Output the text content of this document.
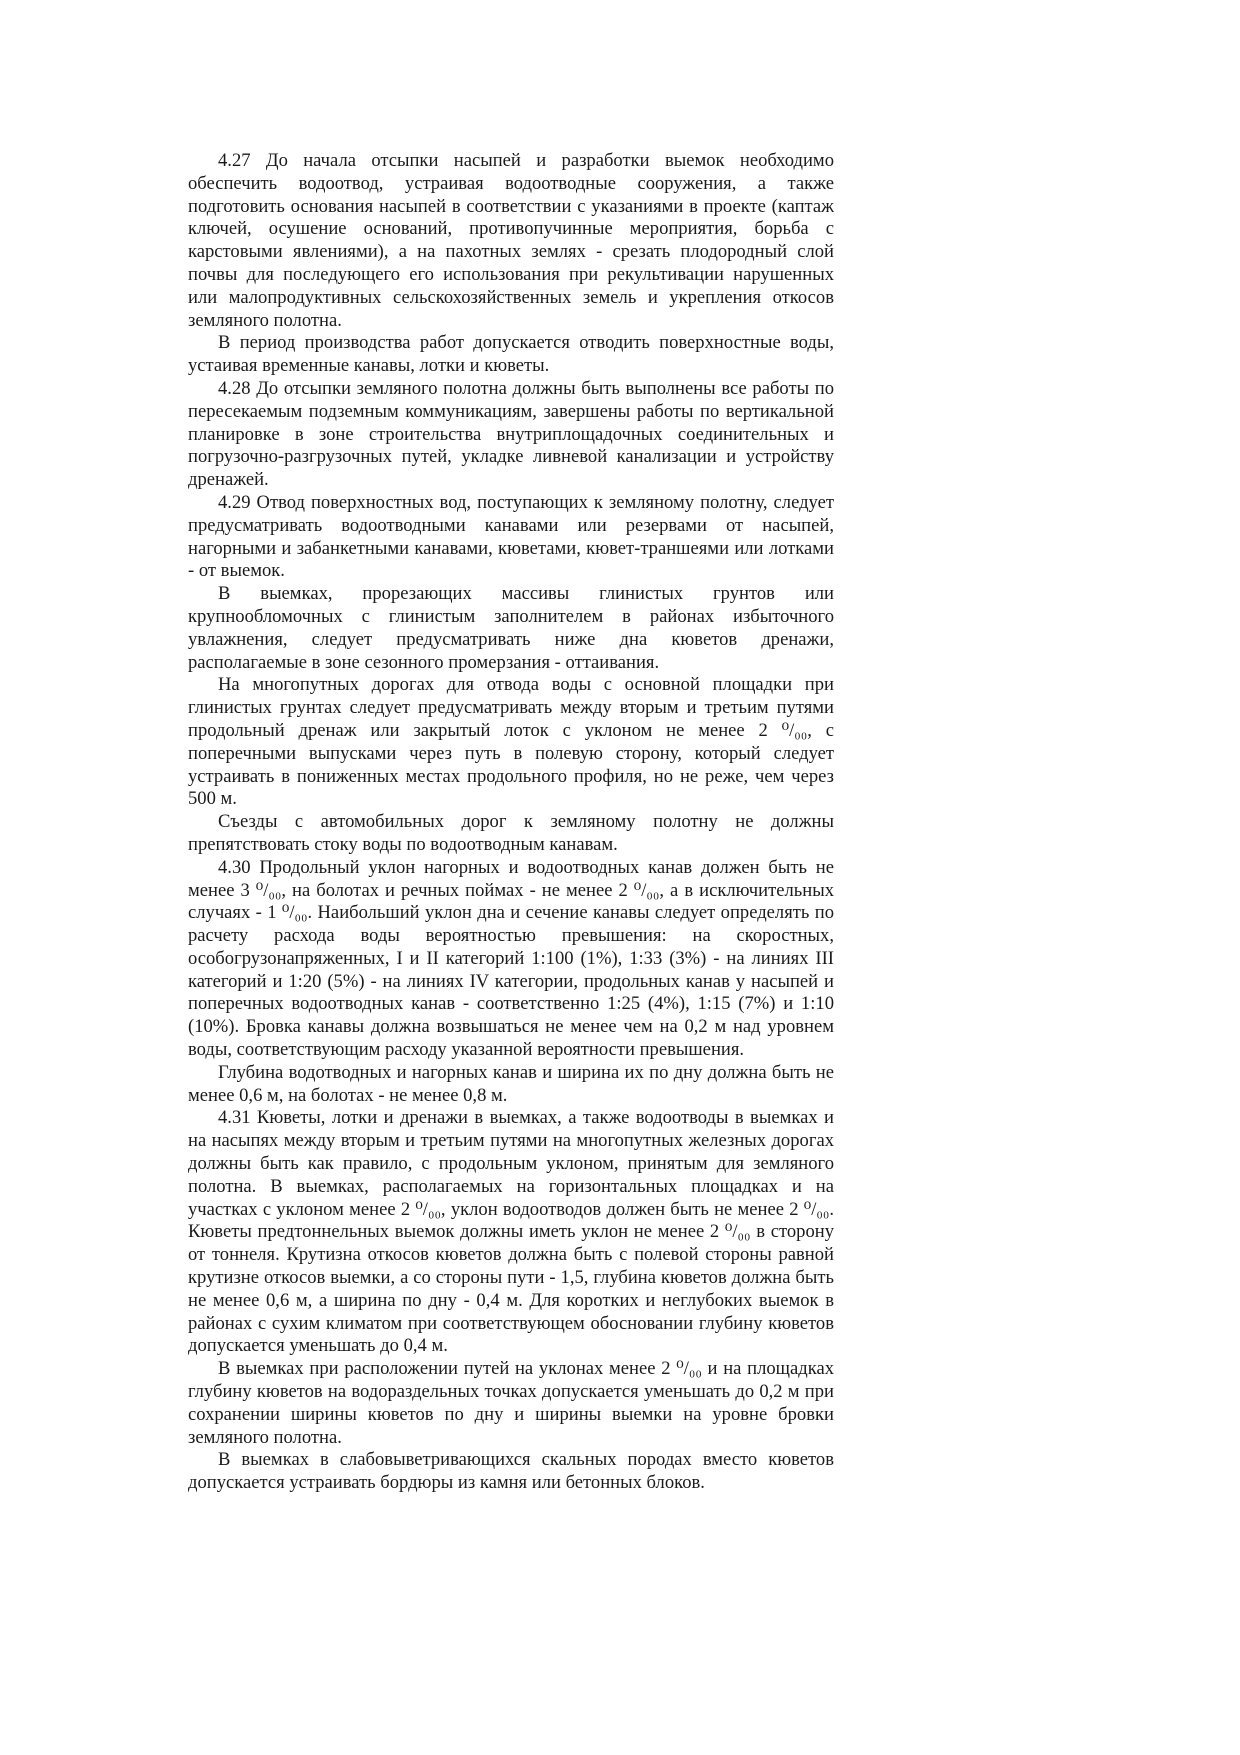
4.27 До начала отсыпки насыпей и разработки выемок необходимо обеспечить водоотвод, устраивая водоотводные сооружения, а также подготовить основания насыпей в соответствии с указаниями в проекте (каптаж ключей, осушение оснований, противопучинные мероприятия, борьба с карстовыми явлениями), а на пахотных землях - срезать плодородный слой почвы для последующего его использования при рекультивации нарушенных или малопродуктивных сельскохозяйственных земель и укрепления откосов земляного полотна.

В период производства работ допускается отводить поверхностные воды, устаивая временные канавы, лотки и кюветы.

4.28 До отсыпки земляного полотна должны быть выполнены все работы по пересекаемым подземным коммуникациям, завершены работы по вертикальной планировке в зоне строительства внутриплощадочных соединительных и погрузочно-разгрузочных путей, укладке ливневой канализации и устройству дренажей.

4.29 Отвод поверхностных вод, поступающих к земляному полотну, следует предусматривать водоотводными канавами или резервами от насыпей, нагорными и забанкетными канавами, кюветами, кювет-траншеями или лотками - от выемок.

В выемках, прорезающих массивы глинистых грунтов или крупнообломочных с глинистым заполнителем в районах избыточного увлажнения, следует предусматривать ниже дна кюветов дренажи, располагаемые в зоне сезонного промерзания - оттаивания.

На многопутных дорогах для отвода воды с основной площадки при глинистых грунтах следует предусматривать между вторым и третьим путями продольный дренаж или закрытый лоток с уклоном не менее 2 ⁰/₀₀, с поперечными выпусками через путь в полевую сторону, который следует устраивать в пониженных местах продольного профиля, но не реже, чем через 500 м.

Съезды с автомобильных дорог к земляному полотну не должны препятствовать стоку воды по водоотводным канавам.

4.30 Продольный уклон нагорных и водоотводных канав должен быть не менее 3 ⁰/₀₀, на болотах и речных поймах - не менее 2 ⁰/₀₀, а в исключительных случаях - 1 ⁰/₀₀. Наибольший уклон дна и сечение канавы следует определять по расчету расхода воды вероятностью превышения: на скоростных, особогрузонапряженных, I и II категорий 1:100 (1%), 1:33 (3%) - на линиях III категорий и 1:20 (5%) - на линиях IV категории, продольных канав у насыпей и поперечных водоотводных канав - соответственно 1:25 (4%), 1:15 (7%) и 1:10 (10%). Бровка канавы должна возвышаться не менее чем на 0,2 м над уровнем воды, соответствующим расходу указанной вероятности превышения.

Глубина водотводных и нагорных канав и ширина их по дну должна быть не менее 0,6 м, на болотах - не менее 0,8 м.

4.31 Кюветы, лотки и дренажи в выемках, а также водоотводы в выемках и на насыпях между вторым и третьим путями на многопутных железных дорогах должны быть как правило, с продольным уклоном, принятым для земляного полотна. В выемках, располагаемых на горизонтальных площадках и на участках с уклоном менее 2 ⁰/₀₀, уклон водоотводов должен быть не менее 2 ⁰/₀₀. Кюветы предтоннельных выемок должны иметь уклон не менее 2 ⁰/₀₀ в сторону от тоннеля. Крутизна откосов кюветов должна быть с полевой стороны равной крутизне откосов выемки, а со стороны пути - 1,5, глубина кюветов должна быть не менее 0,6 м, а ширина по дну - 0,4 м. Для коротких и неглубоких выемок в районах с сухим климатом при соответствующем обосновании глубину кюветов допускается уменьшать до 0,4 м.

В выемках при расположении путей на уклонах менее 2 ⁰/₀₀ и на площадках глубину кюветов на водораздельных точках допускается уменьшать до 0,2 м при сохранении ширины кюветов по дну и ширины выемки на уровне бровки земляного полотна.

В выемках в слабовыветривающихся скальных породах вместо кюветов допускается устраивать бордюры из камня или бетонных блоков.
